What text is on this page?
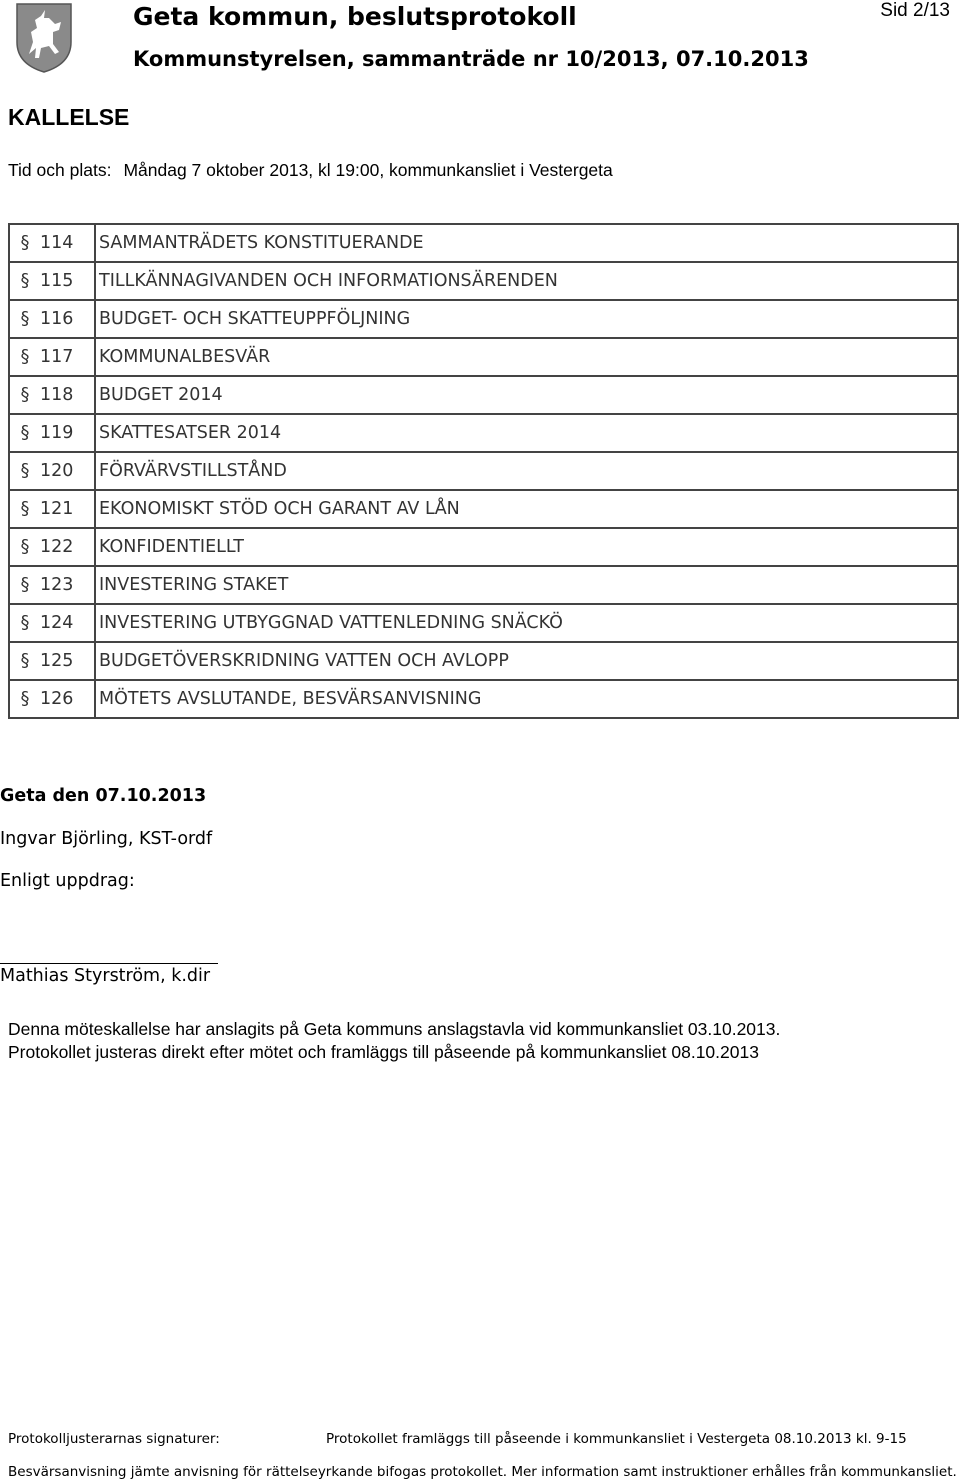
Geta kommun, beslutsprotokoll
Kommunstyrelsen, sammanträde nr 10/2013, 07.10.2013
Sid 2/13
KALLELSE
Tid och plats: Måndag 7 oktober 2013, kl 19:00, kommunkansliet i Vestergeta
§ 114	SAMMANTRÄDETS KONSTITUERANDE
§ 115	TILLKÄNNAGIVANDEN OCH INFORMATIONSÄRENDEN
§ 116	BUDGET- OCH SKATTEUPPFÖLJNING
§ 117	KOMMUNALBESVÄR
§ 118	BUDGET 2014
§ 119	SKATTESATSER 2014
§ 120	FÖRVÄRVSTILLSTÅND
§ 121	EKONOMISKT STÖD OCH GARANT AV LÅN
§ 122	KONFIDENTIELLT
§ 123	INVESTERING STAKET
§ 124	INVESTERING UTBYGGNAD VATTENLEDNING SNÄCKÖ
§ 125	BUDGETÖVERSKRIDNING VATTEN OCH AVLOPP
§ 126	MÖTETS AVSLUTANDE, BESVÄRSANVISNING
Geta den 07.10.2013
Ingvar Björling, KST-ordf
Enligt uppdrag:
Mathias Styrström, k.dir
Denna möteskallelse har anslagits på Geta kommuns anslagstavla vid kommunkansliet 03.10.2013.
Protokollet justeras direkt efter mötet och framläggs till påseende på kommunkansliet 08.10.2013
Protokolljusterarnas signaturer:	Protokollet framläggs till påseende i kommunkansliet i Vestergeta 08.10.2013 kl. 9-15
Besvärsanvisning jämte anvisning för rättelseyrkande bifogas protokollet. Mer information samt instruktioner erhålles från kommunkansliet.
